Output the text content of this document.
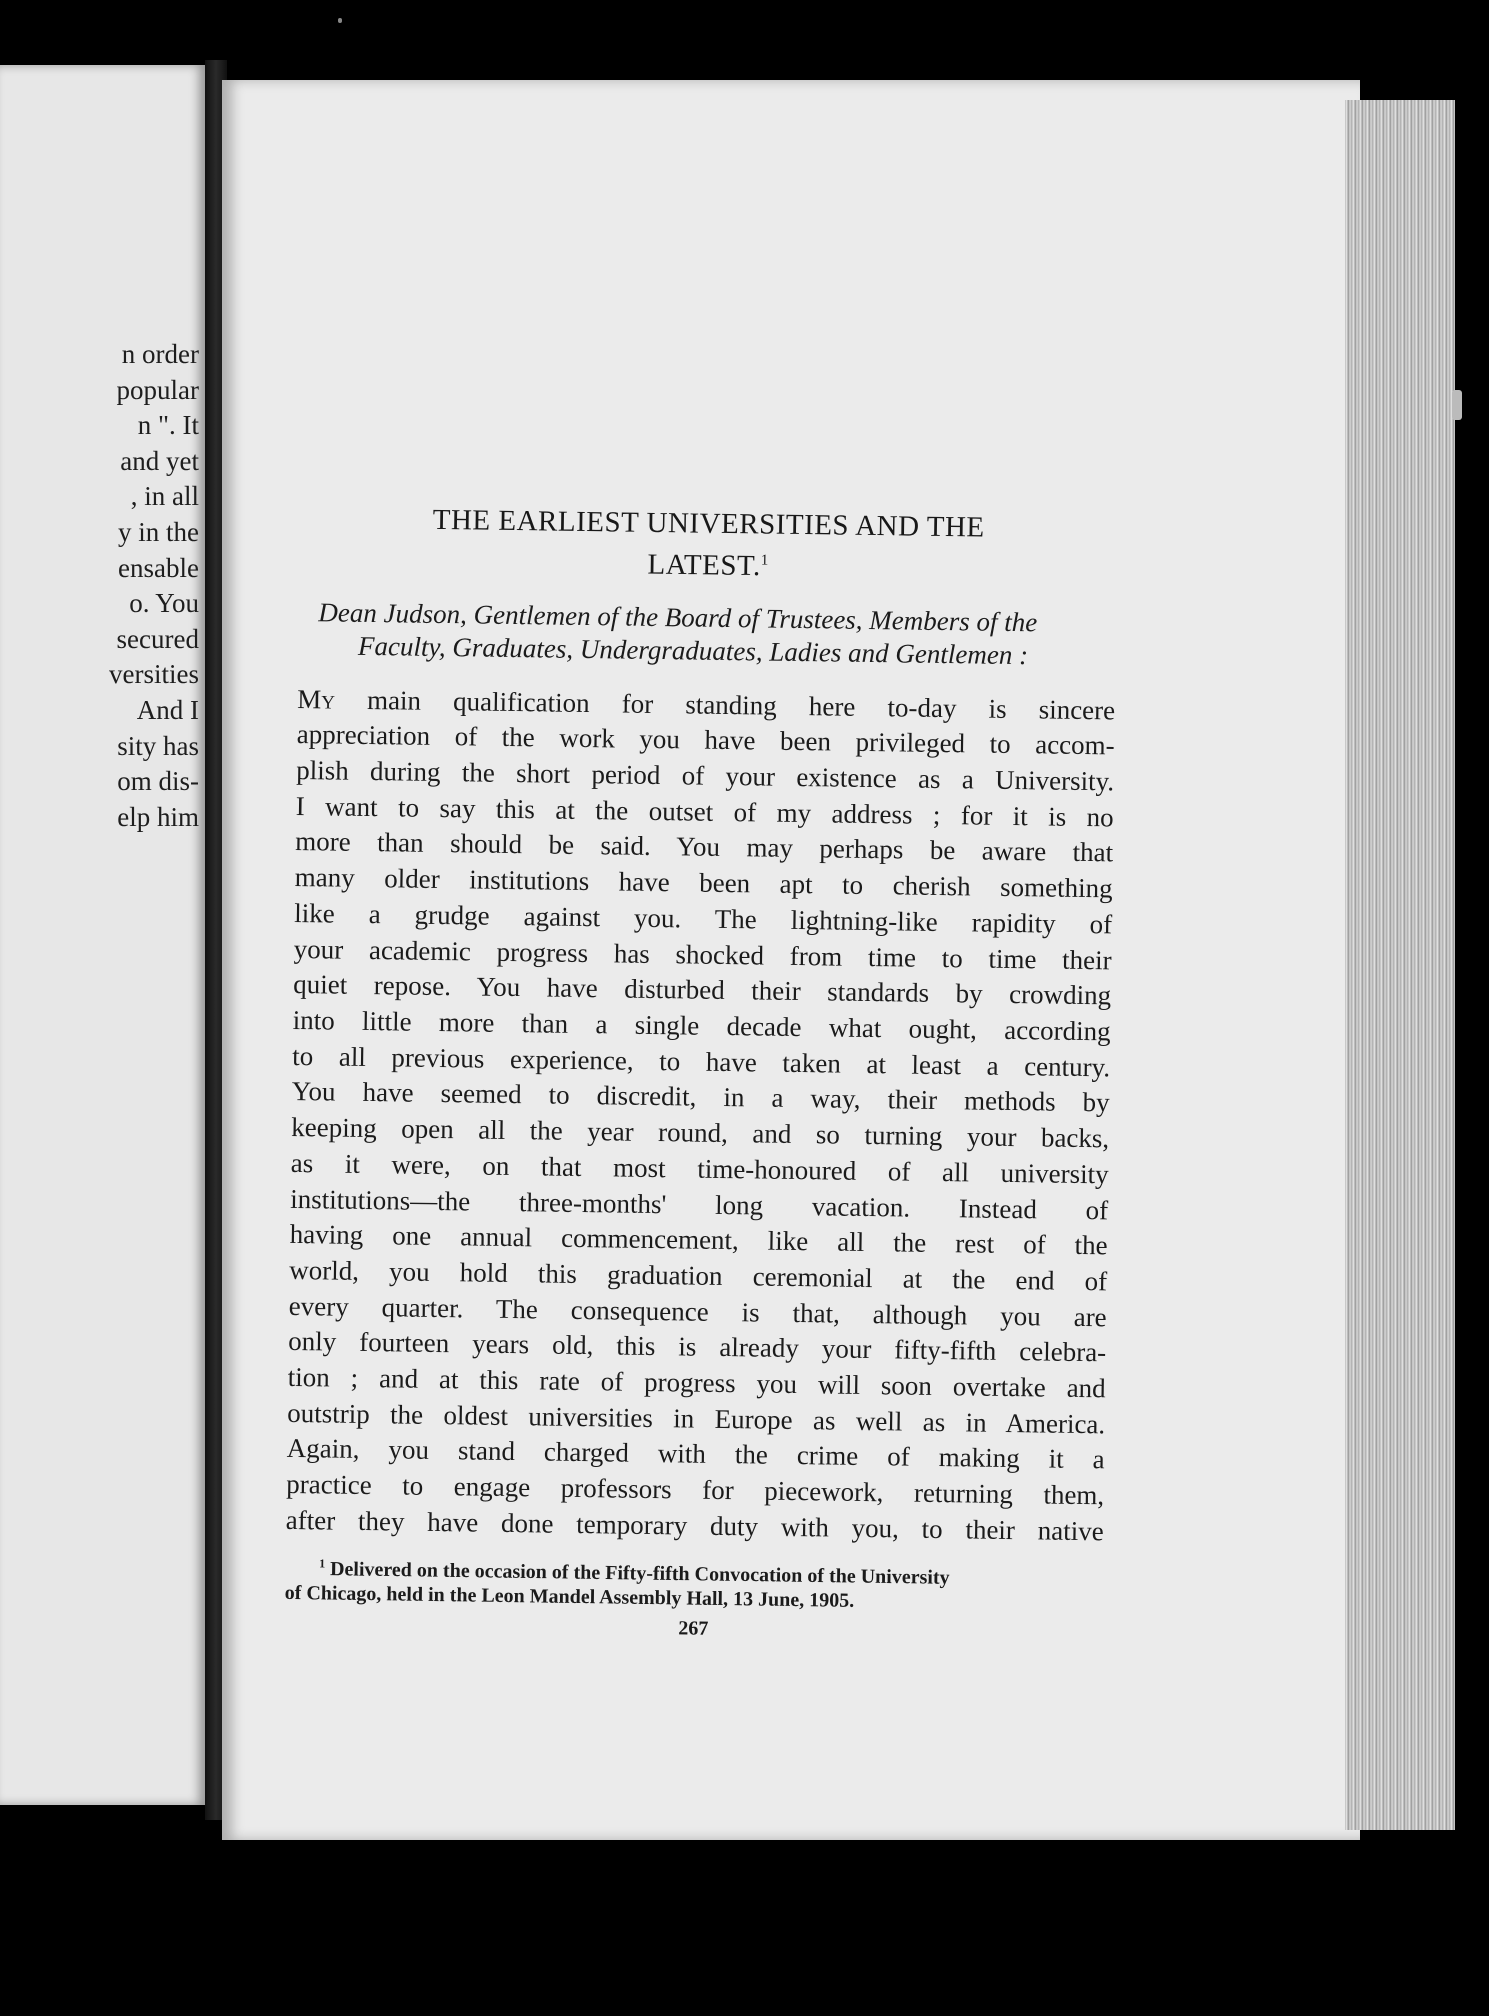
n order
popular
n ". It
and yet
, in all
y in the
ensable
o. You
secured
versities
And I
sity has
om dis-
elp him
THE EARLIEST UNIVERSITIES AND THE
LATEST.$^1$

Dean Judson, Gentlemen of the Board of Trustees, Members of the Faculty, Graduates, Undergraduates, Ladies and Gentlemen :

My main qualification for standing here to-day is sincere
appreciation of the work you have been privileged to accom-
plish during the short period of your existence as a University.
I want to say this at the outset of my address ; for it is no
more than should be said. You may perhaps be aware that
many older institutions have been apt to cherish something
like a grudge against you. The lightning-like rapidity of
your academic progress has shocked from time to time their
quiet repose. You have disturbed their standards by crowding
into little more than a single decade what ought, according
to all previous experience, to have taken at least a century.
You have seemed to discredit, in a way, their methods by
keeping open all the year round, and so turning your backs,
as it were, on that most time-honoured of all university
institutions—the three-months' long vacation. Instead of
having one annual commencement, like all the rest of the
world, you hold this graduation ceremonial at the end of
every quarter. The consequence is that, although you are
only fourteen years old, this is already your fifty-fifth celebra-
tion ; and at this rate of progress you will soon overtake and
outstrip the oldest universities in Europe as well as in America.
Again, you stand charged with the crime of making it a
practice to engage professors for piecework, returning them,
after they have done temporary duty with you, to their native
$^1$ Delivered on the occasion of the Fifty-fifth Convocation of the University
of Chicago, held in the Leon Mandel Assembly Hall, 13 June, 1905.
267
